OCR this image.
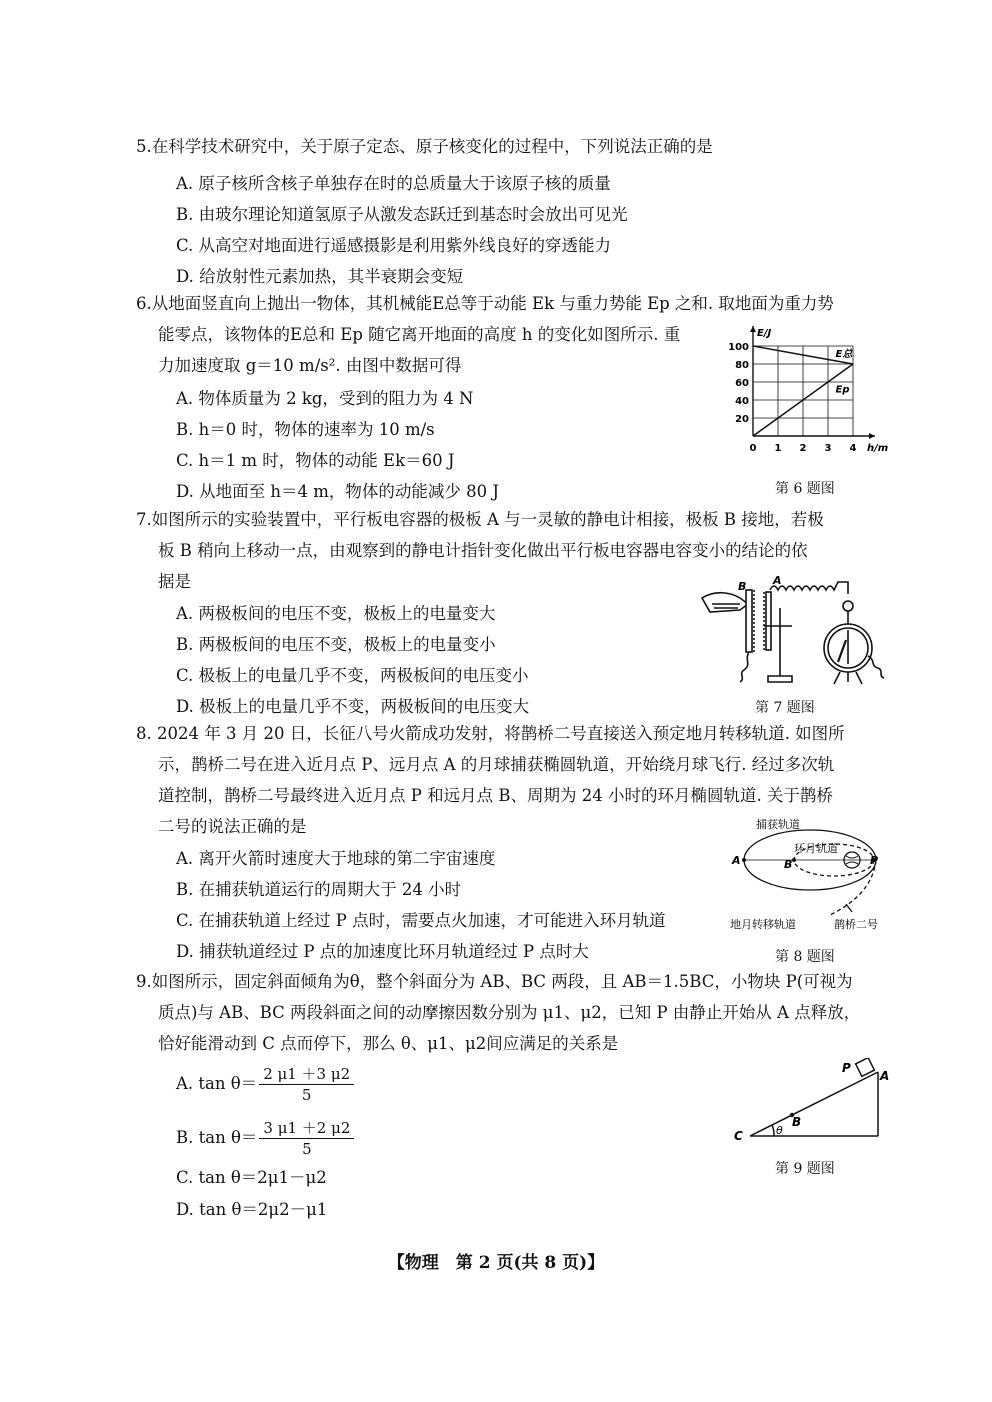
5.在科学技术研究中，关于原子定态、原子核变化的过程中，下列说法正确的是
A. 原子核所含核子单独存在时的总质量大于该原子核的质量
B. 由玻尔理论知道氢原子从激发态跃迁到基态时会放出可见光
C. 从高空对地面进行遥感摄影是利用紫外线良好的穿透能力
D. 给放射性元素加热，其半衰期会变短
6.从地面竖直向上抛出一物体，其机械能E总等于动能 Ek 与重力势能 Ep 之和. 取地面为重力势
能零点，该物体的E总和 Ep 随它离开地面的高度 h 的变化如图所示. 重
力加速度取 g＝10 m/s². 由图中数据可得
A. 物体质量为 2 kg，受到的阻力为 4 N
B. h＝0 时，物体的速率为 10 m/s
C. h＝1 m 时，物体的动能 Ek＝60 J
D. 从地面至 h＝4 m，物体的动能减少 80 J
0 1 2 3 4
20
40
60
80
100
E/J
h/m
E总
Ep
第 6 题图
7.如图所示的实验装置中，平行板电容器的极板 A 与一灵敏的静电计相接，极板 B 接地，若极
板 B 稍向上移动一点，由观察到的静电计指针变化做出平行板电容器电容变小的结论的依
据是
A. 两极板间的电压不变，极板上的电量变大
B. 两极板间的电压不变，极板上的电量变小
C. 极板上的电量几乎不变，两极板间的电压变小
D. 极板上的电量几乎不变，两极板间的电压变大
B A
第 7 题图
8. 2024 年 3 月 20 日，长征八号火箭成功发射，将鹊桥二号直接送入预定地月转移轨道. 如图所
示，鹊桥二号在进入近月点 P、远月点 A 的月球捕获椭圆轨道，开始绕月球飞行. 经过多次轨
道控制，鹊桥二号最终进入近月点 P 和远月点 B、周期为 24 小时的环月椭圆轨道. 关于鹊桥
二号的说法正确的是
A. 离开火箭时速度大于地球的第二宇宙速度
B. 在捕获轨道运行的周期大于 24 小时
C. 在捕获轨道上经过 P 点时，需要点火加速，才可能进入环月轨道
D. 捕获轨道经过 P 点的加速度比环月轨道经过 P 点时大
捕获轨道
环月轨道
A	B	P
地月转移轨道	鹊桥二号
第 8 题图
9.如图所示，固定斜面倾角为θ，整个斜面分为 AB、BC 两段，且 AB＝1.5BC，小物块 P(可视为
质点)与 AB、BC 两段斜面之间的动摩擦因数分别为 μ1、μ2，已知 P 由静止开始从 A 点释放，
恰好能滑动到 C 点而停下，那么 θ、μ1、μ2间应满足的关系是
A. $\tan \theta= \frac{2 \mu 1 +3 \mu 2}{5}$
B. $\tan \theta= \frac{3 \mu 1 +2 \mu 2}{5}$
C. tan θ＝2μ1－μ2
D. tan θ＝2μ2－μ1
C	θ
B
P
A
第 9 题图
【物理　第 2 页(共 8 页)】
